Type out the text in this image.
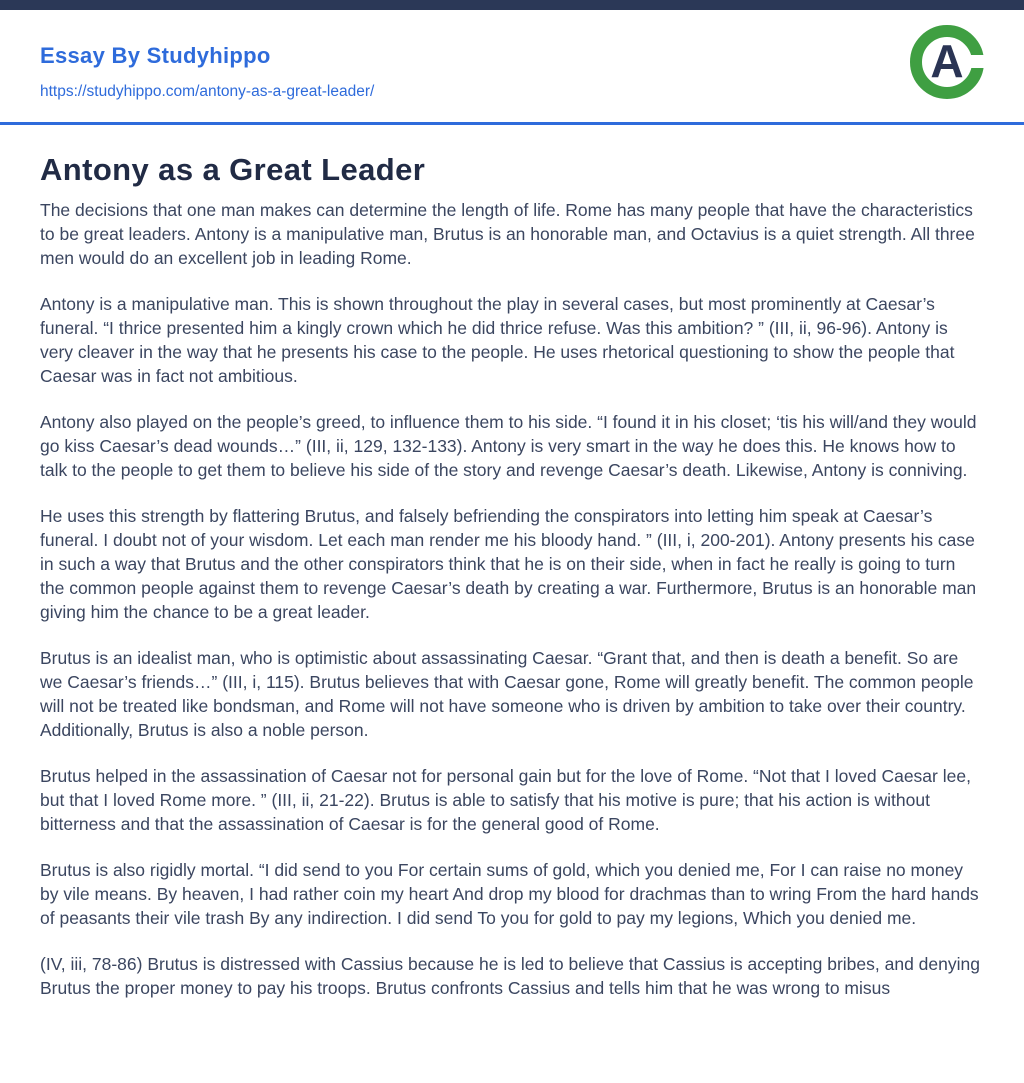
Essay By Studyhippo
https://studyhippo.com/antony-as-a-great-leader/
A
Antony as a Great Leader

The decisions that one man makes can determine the length of life. Rome has many people that have the characteristics to be great leaders. Antony is a manipulative man, Brutus is an honorable man, and Octavius is a quiet strength. All three men would do an excellent job in leading Rome.

Antony is a manipulative man. This is shown throughout the play in several cases, but most prominently at Caesar’s funeral. “I thrice presented him a kingly crown which he did thrice refuse. Was this ambition? ” (III, ii, 96-96). Antony is very cleaver in the way that he presents his case to the people. He uses rhetorical questioning to show the people that Caesar was in fact not ambitious.

Antony also played on the people’s greed, to influence them to his side. “I found it in his closet; ‘tis his will/and they would go kiss Caesar’s dead wounds…” (III, ii, 129, 132-133). Antony is very smart in the way he does this. He knows how to talk to the people to get them to believe his side of the story and revenge Caesar’s death. Likewise, Antony is conniving.

He uses this strength by flattering Brutus, and falsely befriending the conspirators into letting him speak at Caesar’s funeral. I doubt not of your wisdom. Let each man render me his bloody hand. ” (III, i, 200-201). Antony presents his case in such a way that Brutus and the other conspirators think that he is on their side, when in fact he really is going to turn the common people against them to revenge Caesar’s death by creating a war. Furthermore, Brutus is an honorable man giving him the chance to be a great leader.

Brutus is an idealist man, who is optimistic about assassinating Caesar. “Grant that, and then is death a benefit. So are we Caesar’s friends…” (III, i, 115). Brutus believes that with Caesar gone, Rome will greatly benefit. The common people will not be treated like bondsman, and Rome will not have someone who is driven by ambition to take over their country. Additionally, Brutus is also a noble person.

Brutus helped in the assassination of Caesar not for personal gain but for the love of Rome. “Not that I loved Caesar lee, but that I loved Rome more. ” (III, ii, 21-22). Brutus is able to satisfy that his motive is pure; that his action is without bitterness and that the assassination of Caesar is for the general good of Rome.

Brutus is also rigidly mortal. “I did send to you For certain sums of gold, which you denied me, For I can raise no money by vile means. By heaven, I had rather coin my heart And drop my blood for drachmas than to wring From the hard hands of peasants their vile trash By any indirection. I did send To you for gold to pay my legions, Which you denied me.

(IV, iii, 78-86) Brutus is distressed with Cassius because he is led to believe that Cassius is accepting bribes, and denying Brutus the proper money to pay his troops. Brutus confronts Cassius and tells him that he was wrong to misus
